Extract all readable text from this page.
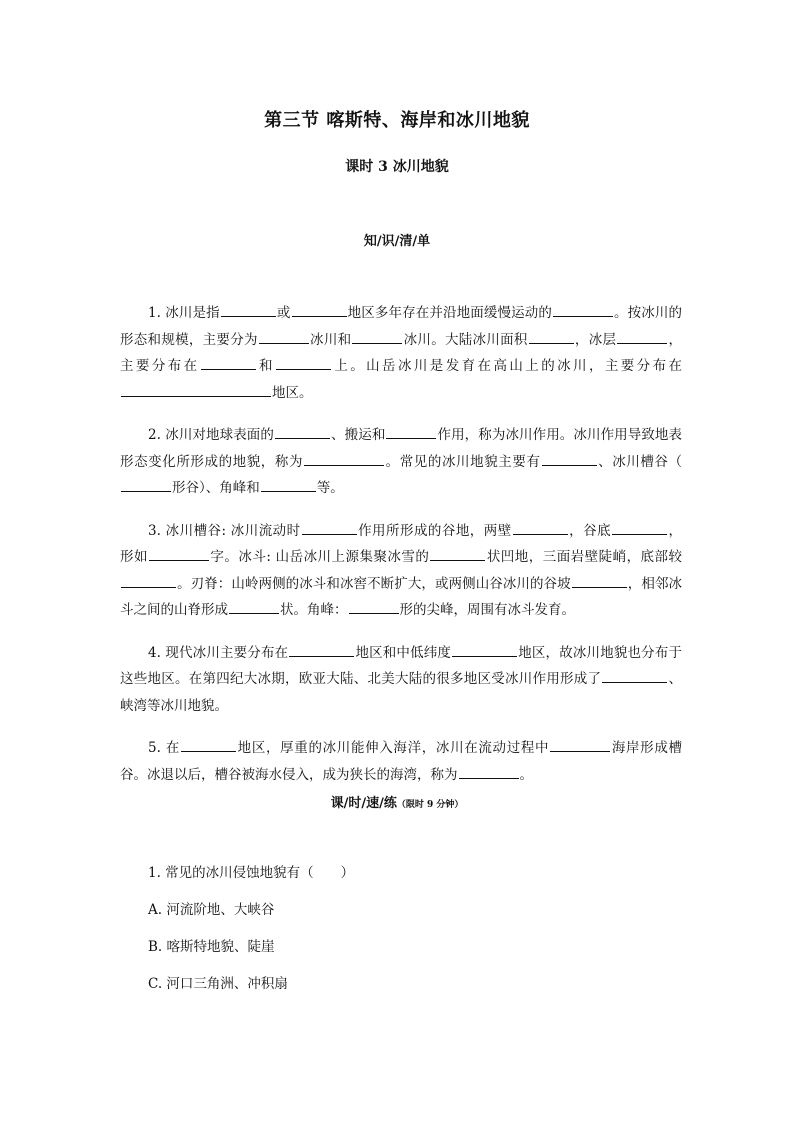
第三节 喀斯特、海岸和冰川地貌
课时 3 冰川地貌
知/识/清/单

1. 冰川是指	或	地区多年存在并沿地面缓慢运动的	。按冰川的形态和规模，主要分为	冰川和	冰川。大陆冰川面积	，冰层	，主要分布在	和	上。山岳冰川是发育在高山上的冰川，主要分布在地区。

2. 冰川对地球表面的	、搬运和	作用，称为冰川作用。冰川作用导致地表形态变化所形成的地貌，称为	。常见的冰川地貌主要有	、冰川槽谷（形谷）、角峰和	等。

3. 冰川槽谷: 冰川流动时	作用所形成的谷地，两壁	，谷底	，形如	字。冰斗: 山岳冰川上源集聚冰雪的	状凹地，三面岩壁陡峭，底部较。刃脊：山岭两侧的冰斗和冰窖不断扩大，或两侧山谷冰川的谷坡	，相邻冰斗之间的山脊形成	状。角峰：	形的尖峰，周围有冰斗发育。

4. 现代冰川主要分布在	地区和中低纬度	地区，故冰川地貌也分布于这些地区。在第四纪大冰期，欧亚大陆、北美大陆的很多地区受冰川作用形成了	、峡湾等冰川地貌。

5. 在	地区，厚重的冰川能伸入海洋，冰川在流动过程中	海岸形成槽谷。冰退以后，槽谷被海水侵入，成为狭长的海湾，称为	。

课/时/速/练（限时 9 分钟）
1. 常见的冰川侵蚀地貌有（　　）
A. 河流阶地、大峡谷
B. 喀斯特地貌、陡崖
C. 河口三角洲、冲积扇
